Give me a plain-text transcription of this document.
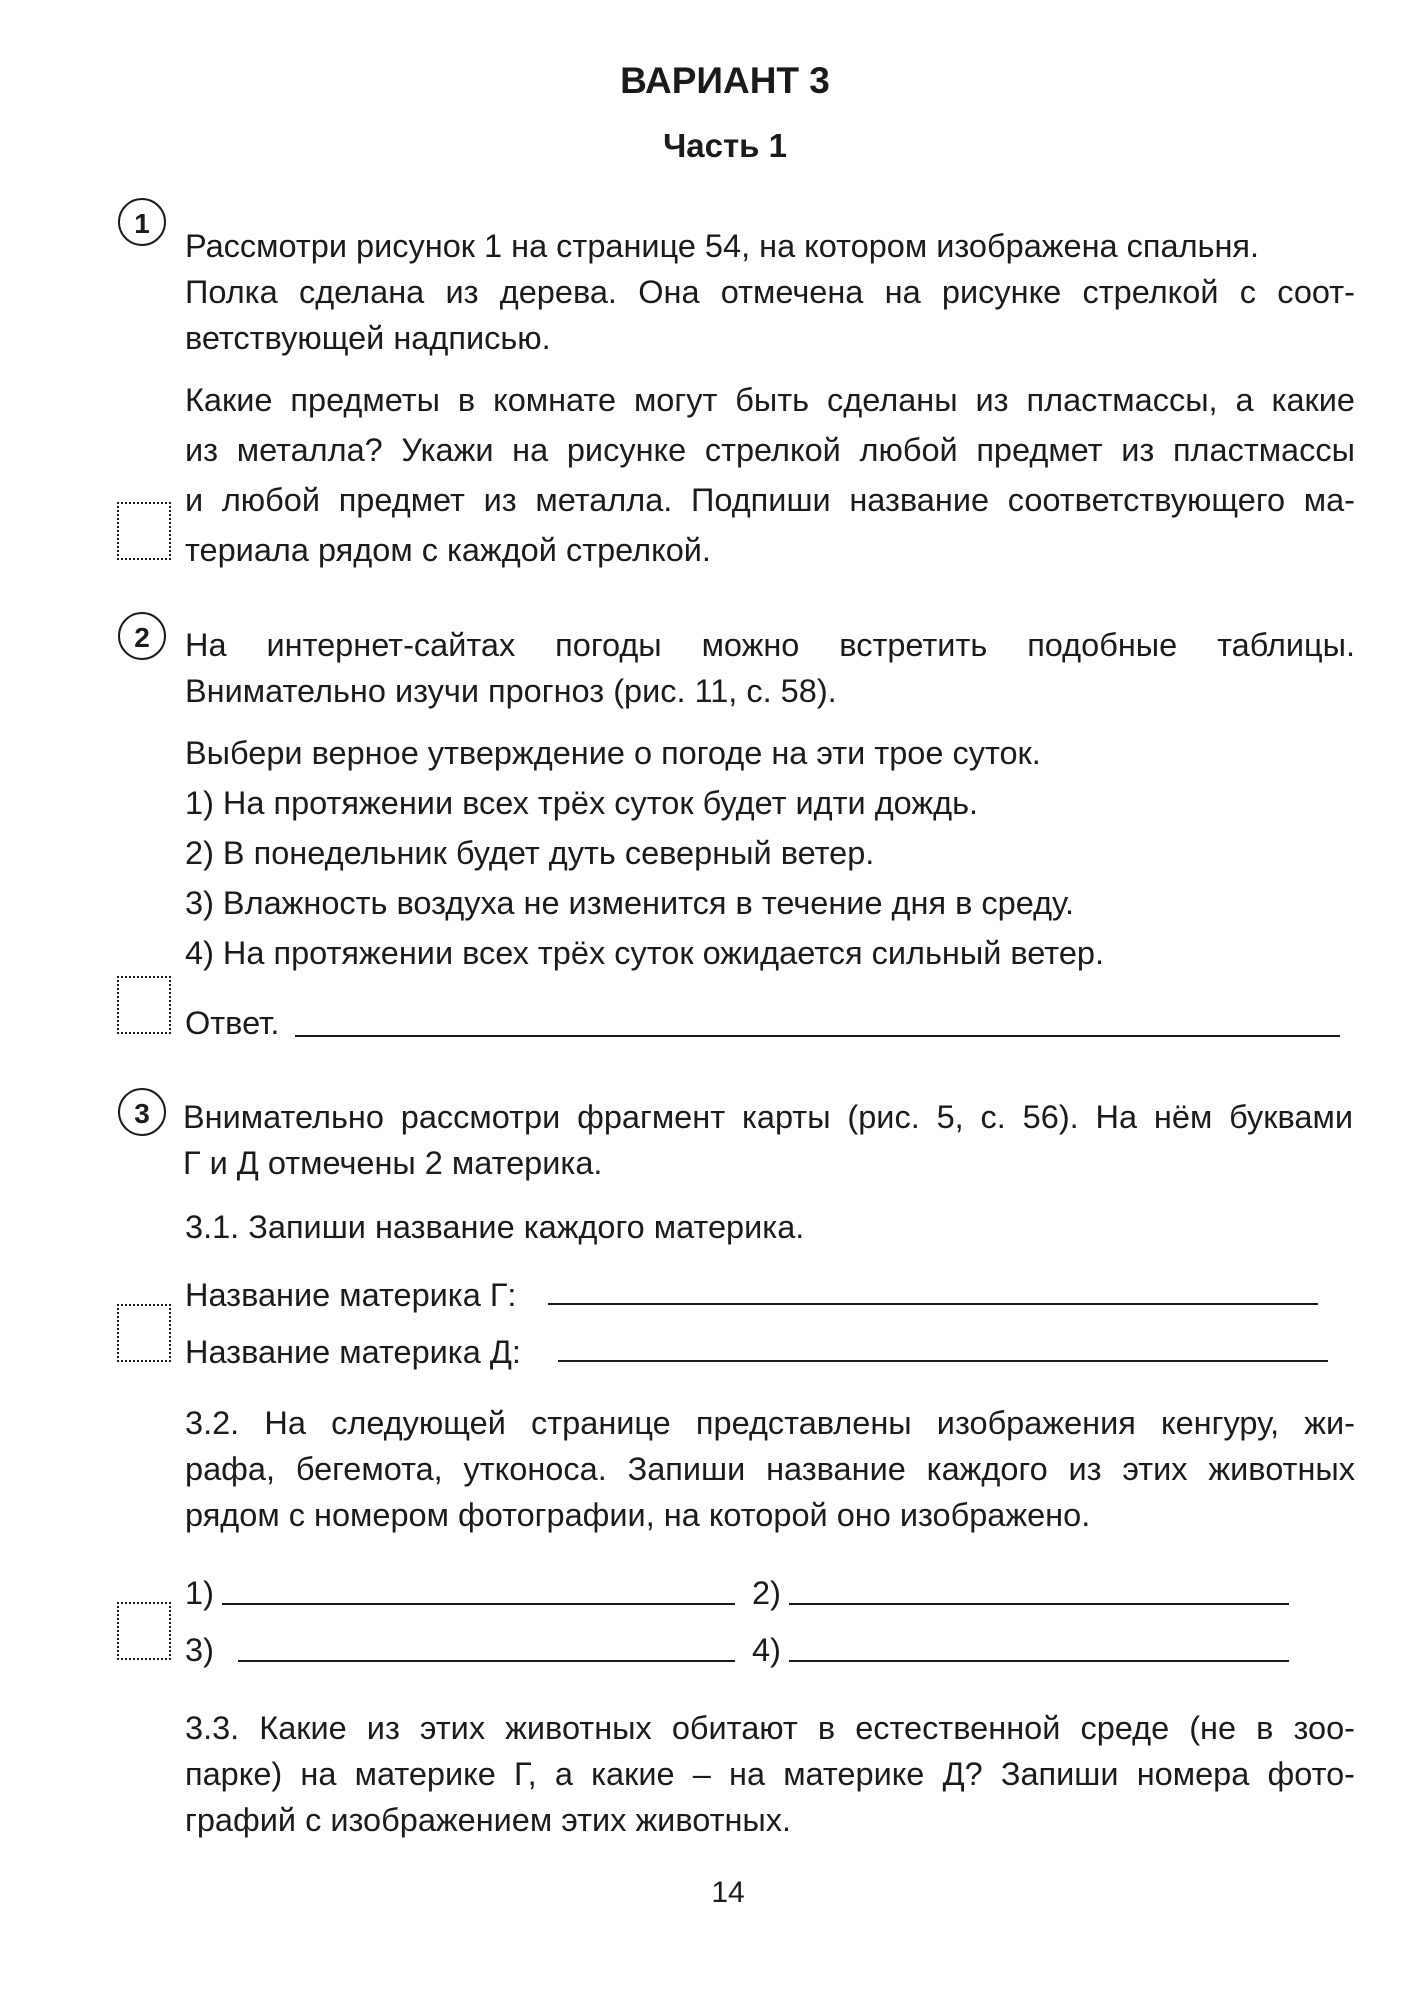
ВАРИАНТ 3
Часть 1
1
Рассмотри рисунок 1 на странице 54, на котором изображена спальня.
Полка сделана из дерева. Она отмечена на рисунке стрелкой с соот-
ветствующей надписью.
Какие предметы в комнате могут быть сделаны из пластмассы, а какие
из металла? Укажи на рисунке стрелкой любой предмет из пластмассы
и любой предмет из металла. Подпиши название соответствующего ма-
териала рядом с каждой стрелкой.
2	На интернет-сайтах погоды можно встретить подобные таблицы.
Внимательно изучи прогноз (рис. 11, с. 58).
Выбери верное утверждение о погоде на эти трое суток.
1) На протяжении всех трёх суток будет идти дождь.
2) В понедельник будет дуть северный ветер.
3) Влажность воздуха не изменится в течение дня в среду.
4) На протяжении всех трёх суток ожидается сильный ветер.
Ответ.
3	Внимательно рассмотри фрагмент карты (рис. 5, с. 56). На нём буквами
Г и Д отмечены 2 материка.
3.1. Запиши название каждого материка.
Название материка Г:
Название материка Д:
3.2. На следующей странице представлены изображения кенгуру, жи-
рафа, бегемота, утконоса. Запиши название каждого из этих животных
рядом с номером фотографии, на которой оно изображено.
1)	2)
3)	4)
3.3. Какие из этих животных обитают в естественной среде (не в зоо-
парке) на материке Г, а какие – на материке Д? Запиши номера фото-
графий с изображением этих животных.
14
